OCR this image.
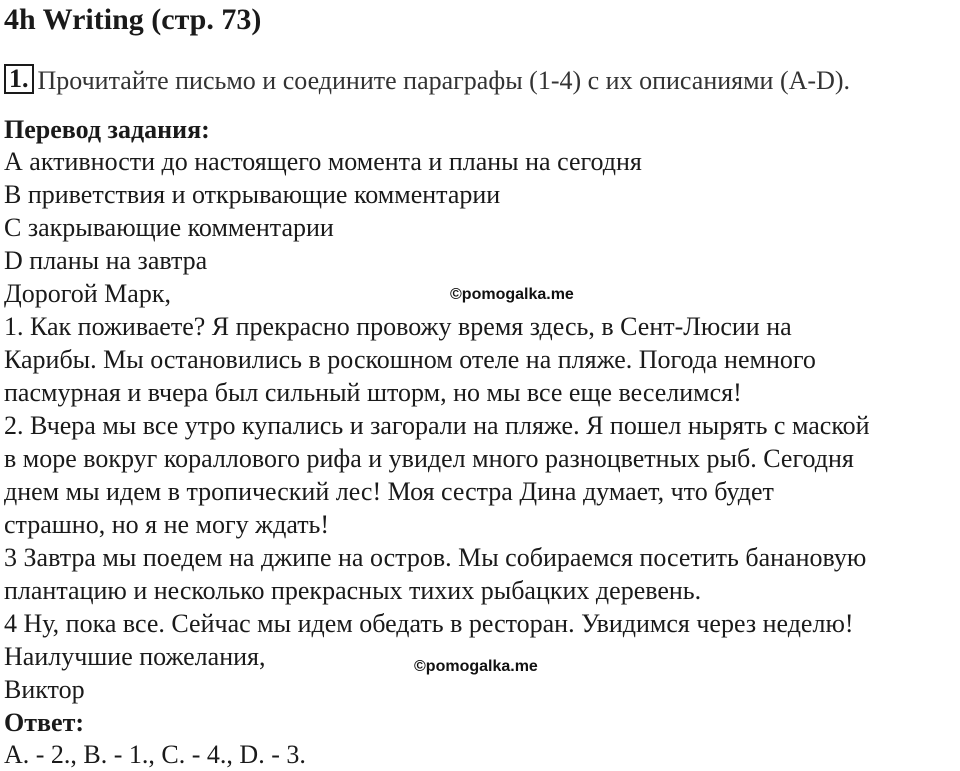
4h Writing (стр. 73)
1. Прочитайте письмо и соедините параграфы (1-4) с их описаниями (A-D).
Перевод задания:
А активности до настоящего момента и планы на сегодня
В приветствия и открывающие комментарии
С закрывающие комментарии
D планы на завтра
Дорогой Марк,	©pomogalka.me
1. Как поживаете? Я прекрасно провожу время здесь, в Сент-Люсии на
Карибы. Мы остановились в роскошном отеле на пляже. Погода немного
пасмурная и вчера был сильный шторм, но мы все еще веселимся!
2. Вчера мы все утро купались и загорали на пляже. Я пошел нырять с маской
в море вокруг кораллового рифа и увидел много разноцветных рыб. Сегодня
днем мы идем в тропический лес! Моя сестра Дина думает, что будет
страшно, но я не могу ждать!
3 Завтра мы поедем на джипе на остров. Мы собираемся посетить банановую
плантацию и несколько прекрасных тихих рыбацких деревень.
4 Ну, пока все. Сейчас мы идем обедать в ресторан. Увидимся через неделю!
Наилучшие пожелания,	©pomogalka.me
Виктор
Ответ:
А. - 2., В. - 1., С. - 4., D. - 3.
